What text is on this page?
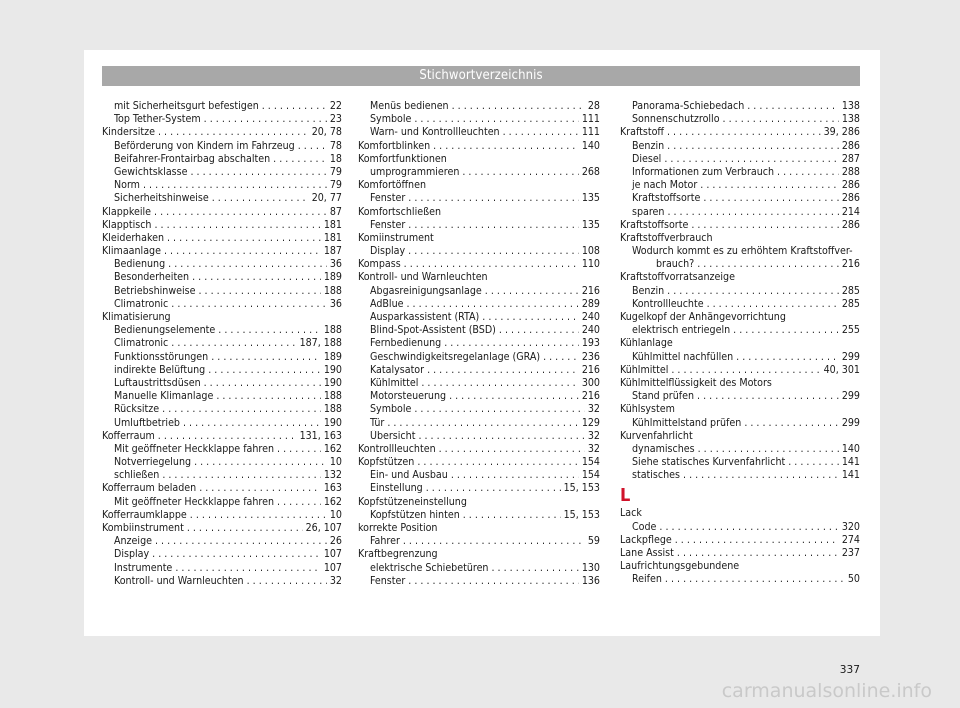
Stichwortverzeichnis
mit Sicherheitsgurt befestigen . . .	22
Top Tether-System . . .	23
Kindersitze . . .	20, 78
Beförderung von Kindern im Fahrzeug . . .	78
Beifahrer-Frontairbag abschalten . . .	18
Gewichtsklasse . . .	79
Norm . . .	79
Sicherheitshinweise . . .	20, 77
Klappkeile . . .	87
Klapptisch . . .	181
Kleiderhaken . . .	181
Klimaanlage . . .	187
Bedienung . . .	36
Besonderheiten . . .	189
Betriebshinweise . . .	188
Climatronic . . .	36
Klimatisierung
Bedienungselemente . . .	188
Climatronic . . .	187, 188
Funktionsstörungen . . .	189
indirekte Belüftung . . .	190
Luftaustrittsdüsen . . .	190
Manuelle Klimanlage . . .	188
Rücksitze . . .	188
Umluftbetrieb . . .	190
Kofferraum . . .	131, 163
Mit geöffneter Heckklappe fahren . . .	162
Notverriegelung . . .	10
schließen . . .	132
Kofferraum beladen . . .	163
Mit geöffneter Heckklappe fahren . . .	162
Kofferraumklappe . . .	10
Kombiinstrument . . .	26, 107
Anzeige . . .	26
Display . . .	107
Instrumente . . .	107
Kontroll- und Warnleuchten . . .	32
Menüs bedienen . . .	28
Symbole . . .	111
Warn- und Kontrollleuchten . . .	111
Komfortblinken . . .	140
Komfortfunktionen
umprogrammieren . . .	268
Komfortöffnen
Fenster . . .	135
Komfortschließen
Fenster . . .	135
Komiinstrument
Display . . .	108
Kompass . . .	110
Kontroll- und Warnleuchten
Abgasreinigungsanlage . . .	216
AdBlue . . .	289
Ausparkassistent (RTA) . . .	240
Blind-Spot-Assistent (BSD) . . .	240
Fernbedienung . . .	193
Geschwindigkeitsregelanlage (GRA) . . .	236
Katalysator . . .	216
Kühlmittel . . .	300
Motorsteuerung . . .	216
Symbole . . .	32
Tür . . .	129
Übersicht . . .	32
Kontrollleuchten . . .	32
Kopfstützen . . .	154
Ein- und Ausbau . . .	154
Einstellung . . .	15, 153
Kopfstützeneinstellung
Kopfstützen hinten . . .	15, 153
korrekte Position
Fahrer . . .	59
Kraftbegrenzung
elektrische Schiebetüren . . .	130
Fenster . . .	136
Panorama-Schiebedach . . .	138
Sonnenschutzrollo . . .	138
Kraftstoff . . .	39, 286
Benzin . . .	286
Diesel . . .	287
Informationen zum Verbrauch . . .	288
je nach Motor . . .	286
Kraftstoffsorte . . .	286
sparen . . .	214
Kraftstoffsorte . . .	286
Kraftstoffverbrauch
Wodurch kommt es zu erhöhtem Kraftstoffver-
brauch? . . .	216
Kraftstoffvorratsanzeige
Benzin . . .	285
Kontrollleuchte . . .	285
Kugelkopf der Anhängevorrichtung
elektrisch entriegeln . . .	255
Kühlanlage
Kühlmittel nachfüllen . . .	299
Kühlmittel . . .	40, 301
Kühlmittelflüssigkeit des Motors
Stand prüfen . . .	299
Kühlsystem
Kühlmittelstand prüfen . . .	299
Kurvenfahrlicht
dynamisches . . .	140
Siehe statisches Kurvenfahrlicht . . .	141
statisches . . .	141
L
Lack
Code . . .	320
Lackpflege . . .	274
Lane Assist . . .	237
Laufrichtungsgebundene
Reifen . . .	50
337
carmanualsonline.info
